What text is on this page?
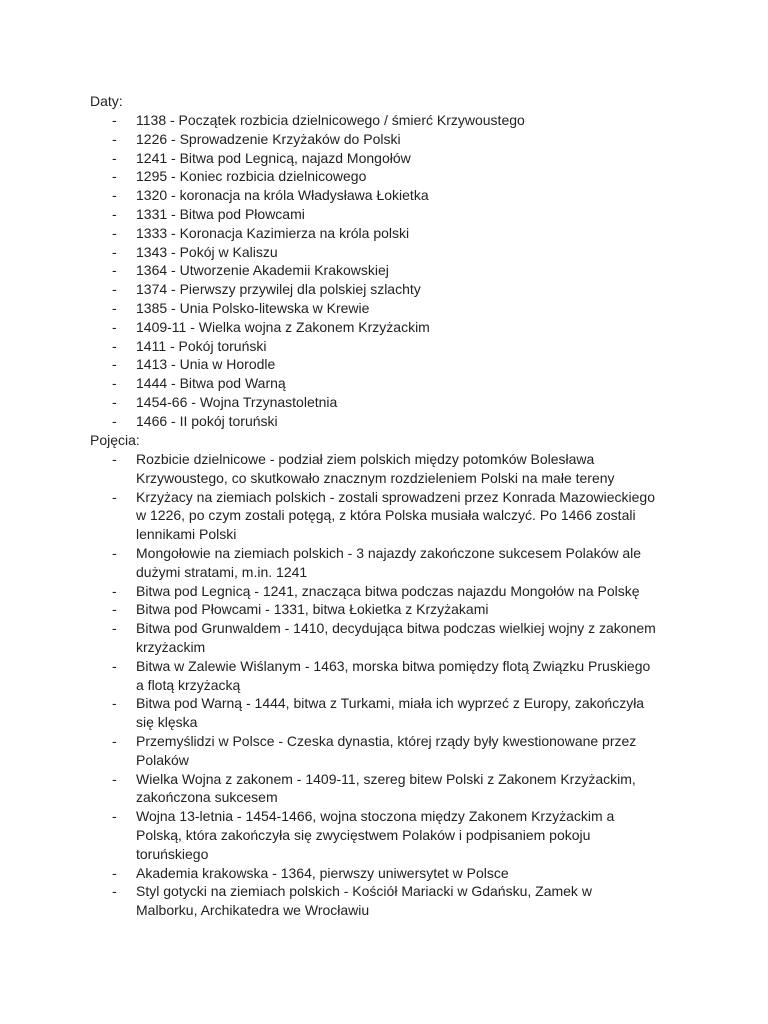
Daty:
- 1138 - Początek rozbicia dzielnicowego / śmierć Krzywoustego
- 1226 - Sprowadzenie Krzyżaków do Polski
- 1241 - Bitwa pod Legnicą, najazd Mongołów
- 1295 - Koniec rozbicia dzielnicowego
- 1320 - koronacja na króla Władysława Łokietka
- 1331 - Bitwa pod Płowcami
- 1333 - Koronacja Kazimierza na króla polski
- 1343 - Pokój w Kaliszu
- 1364 - Utworzenie Akademii Krakowskiej
- 1374 - Pierwszy przywilej dla polskiej szlachty
- 1385 - Unia Polsko-litewska w Krewie
- 1409-11 - Wielka wojna z Zakonem Krzyżackim
- 1411 - Pokój toruński
- 1413 - Unia w Horodle
- 1444 - Bitwa pod Warną
- 1454-66 - Wojna Trzynastoletnia
- 1466 - II pokój toruński
Pojęcia:
- Rozbicie dzielnicowe - podział ziem polskich między potomków Bolesława Krzywoustego, co skutkowało znacznym rozdzieleniem Polski na małe tereny
- Krzyżacy na ziemiach polskich - zostali sprowadzeni przez Konrada Mazowieckiego w 1226, po czym zostali potęgą, z która Polska musiała walczyć. Po 1466 zostali lennikami Polski
- Mongołowie na ziemiach polskich - 3 najazdy zakończone sukcesem Polaków ale dużymi stratami, m.in. 1241
- Bitwa pod Legnicą - 1241, znacząca bitwa podczas najazdu Mongołów na Polskę
- Bitwa pod Płowcami - 1331, bitwa Łokietka z Krzyżakami
- Bitwa pod Grunwaldem - 1410, decydująca bitwa podczas wielkiej wojny z zakonem krzyżackim
- Bitwa w Zalewie Wiślanym - 1463, morska bitwa pomiędzy flotą Związku Pruskiego a flotą krzyżacką
- Bitwa pod Warną - 1444, bitwa z Turkami, miała ich wyprzeć z Europy, zakończyła się klęska
- Przemyślidzi w Polsce - Czeska dynastia, której rządy były kwestionowane przez Polaków
- Wielka Wojna z zakonem - 1409-11, szereg bitew Polski z Zakonem Krzyżackim, zakończona sukcesem
- Wojna 13-letnia - 1454-1466, wojna stoczona między Zakonem Krzyżackim a Polską, która zakończyła się zwycięstwem Polaków i podpisaniem pokoju toruńskiego
- Akademia krakowska - 1364, pierwszy uniwersytet w Polsce
- Styl gotycki na ziemiach polskich - Kościół Mariacki w Gdańsku, Zamek w Malborku, Archikatedra we Wrocławiu
